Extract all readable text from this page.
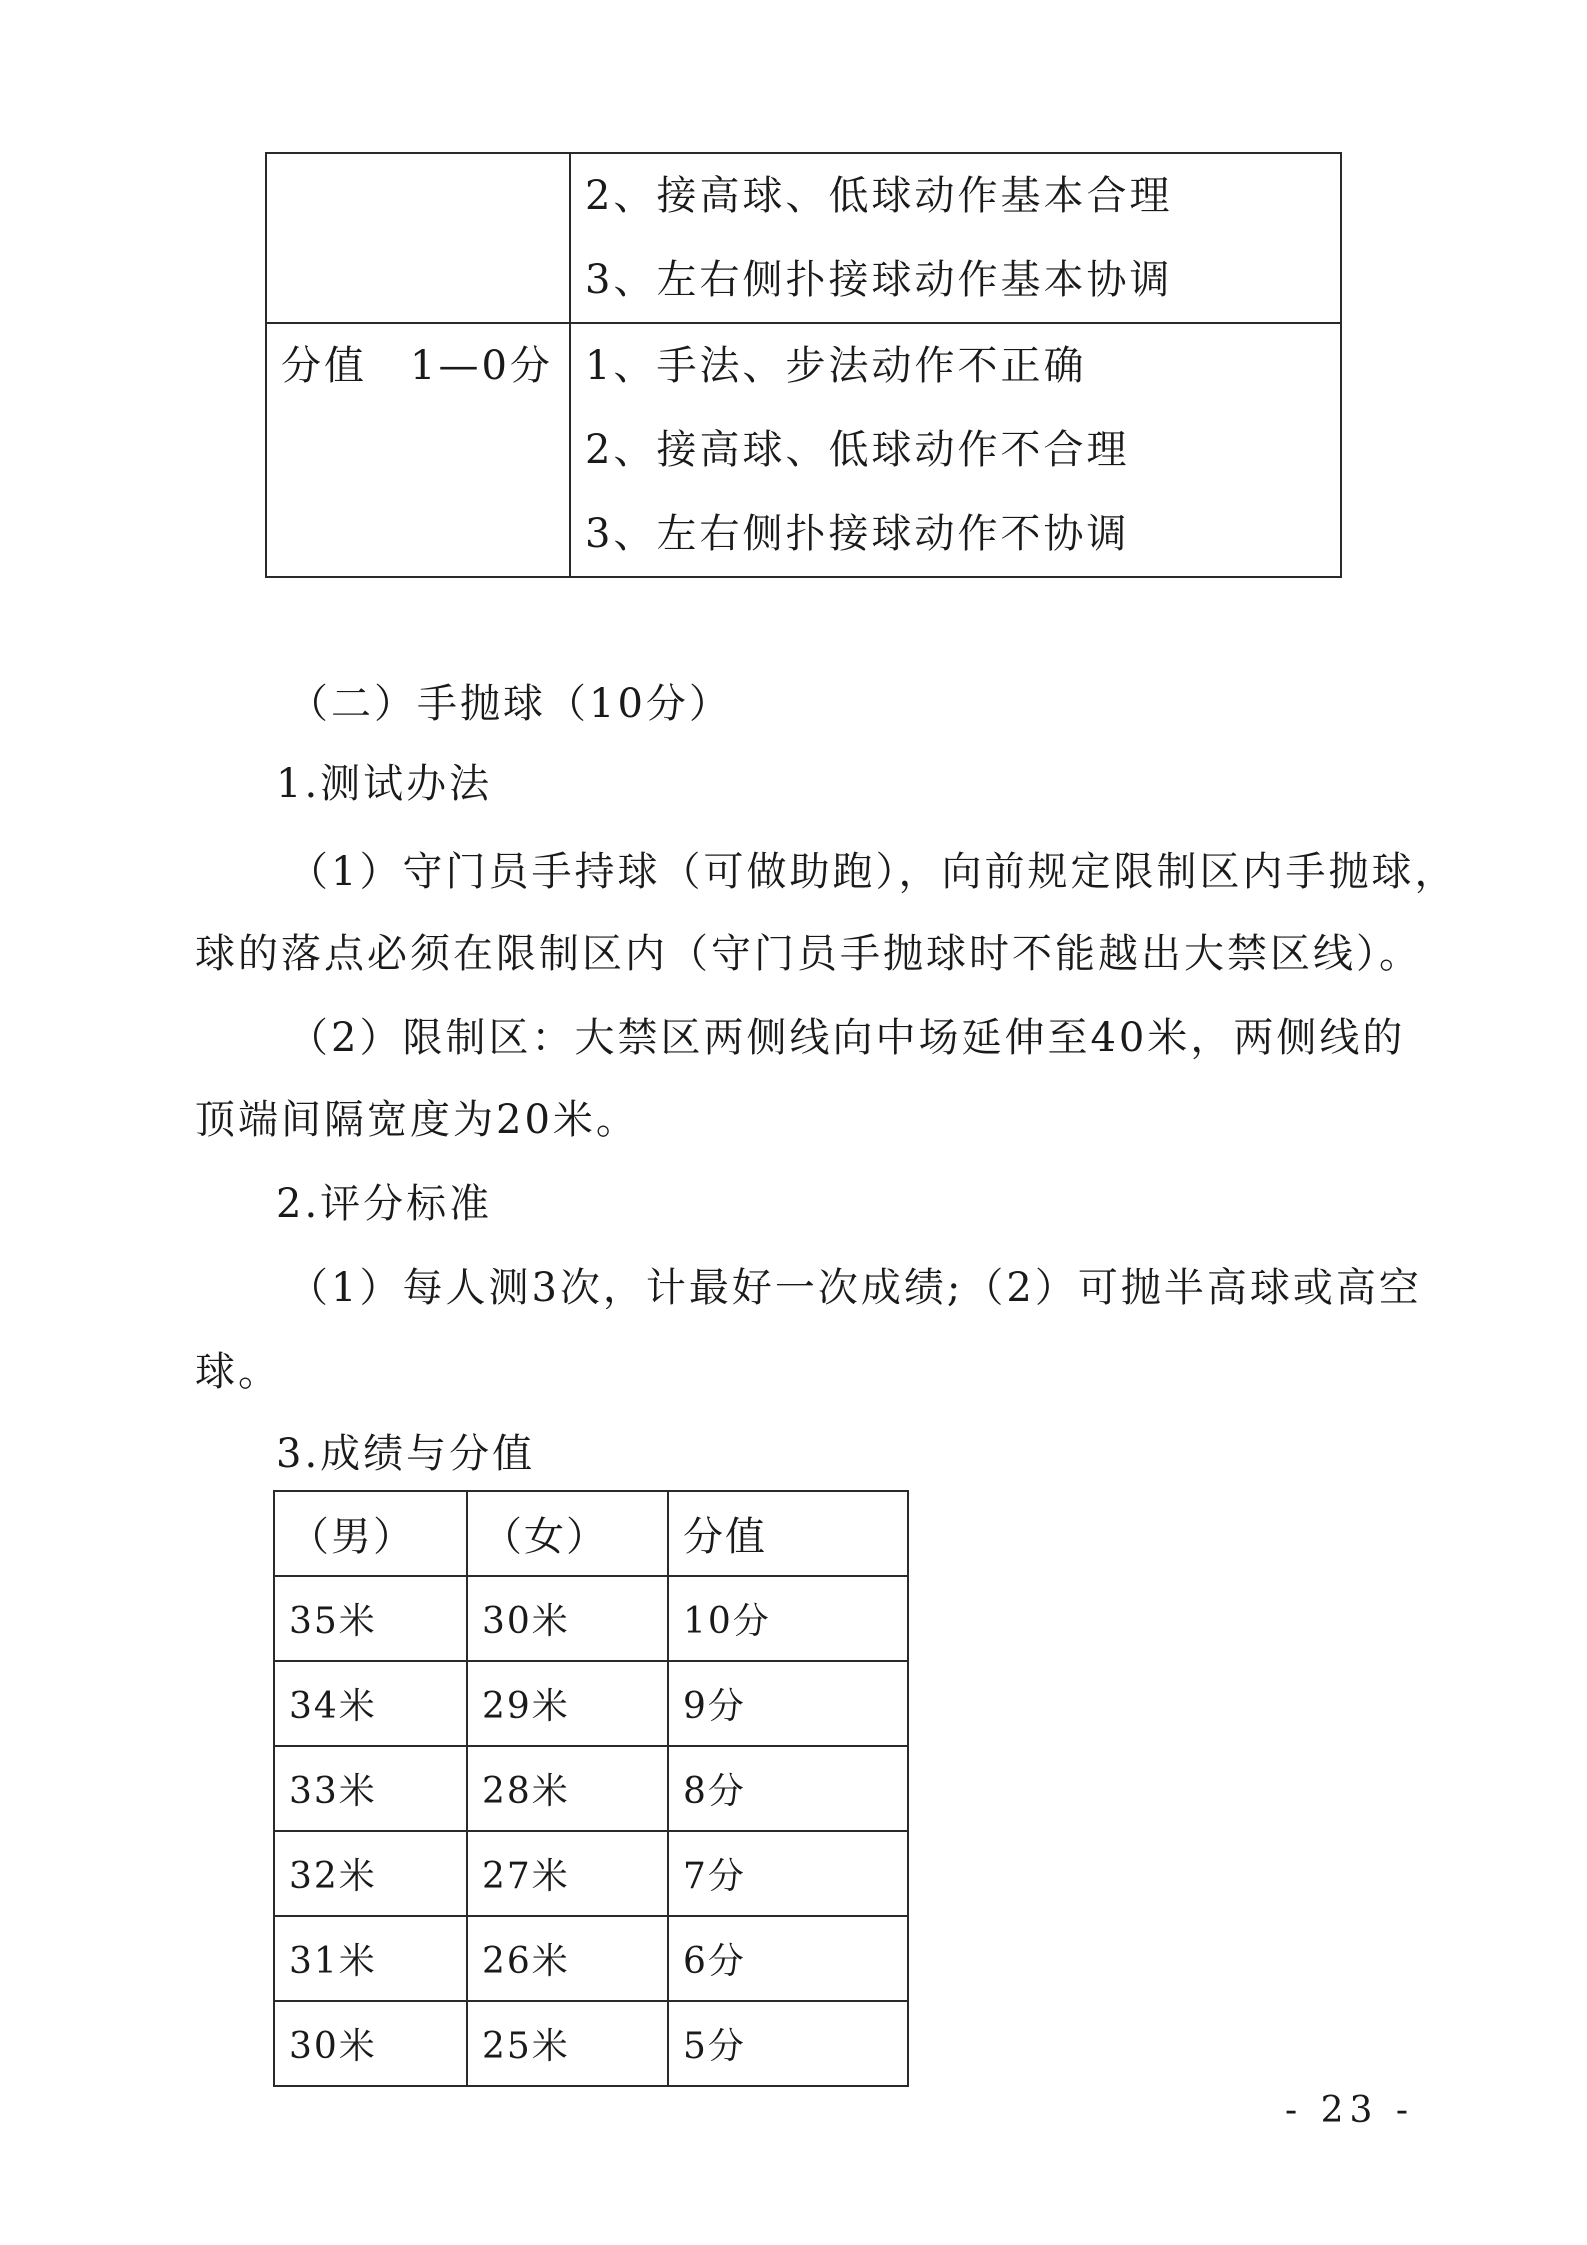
	2、接高球、低球动作基本合理
3、左右侧扑接球动作基本协调

分值　1—0分	1、手法、步法动作不正确
2、接高球、低球动作不合理
3、左右侧扑接球动作不协调
（二）手抛球（10分）
1.测试办法
（1）守门员手持球（可做助跑），向前规定限制区内手抛球，
球的落点必须在限制区内（守门员手抛球时不能越出大禁区线）。
（2）限制区：大禁区两侧线向中场延伸至40米，两侧线的
顶端间隔宽度为20米。
2.评分标准
（1）每人测3次，计最好一次成绩;（2）可抛半高球或高空
球。
3.成绩与分值
（男）	（女）	分值
35米	30米	10分
34米	29米	9分
33米	28米	8分
32米	27米	7分
31米	26米	6分
30米	25米	5分
- 23 -
